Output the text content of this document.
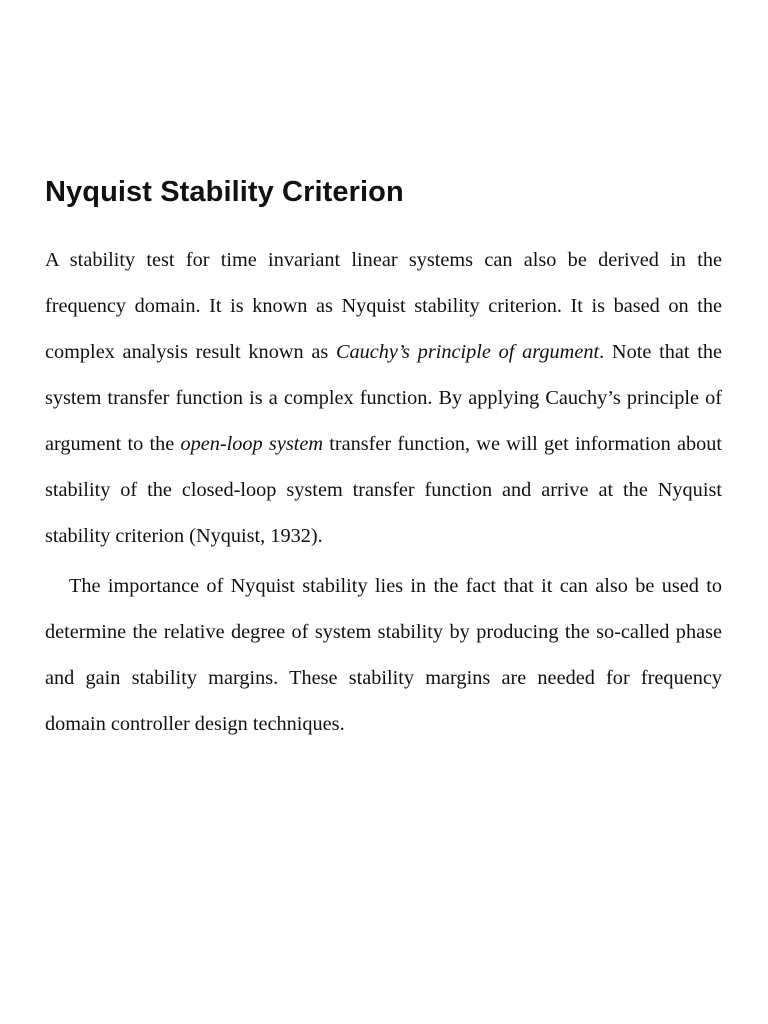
Nyquist Stability Criterion

A stability test for time invariant linear systems can also be derived in the frequency domain. It is known as Nyquist stability criterion. It is based on the complex analysis result known as Cauchy’s principle of argument. Note that the system transfer function is a complex function. By applying Cauchy’s principle of argument to the open-loop system transfer function, we will get information about stability of the closed-loop system transfer function and arrive at the Nyquist stability criterion (Nyquist, 1932).

The importance of Nyquist stability lies in the fact that it can also be used to determine the relative degree of system stability by producing the so-called phase and gain stability margins. These stability margins are needed for frequency domain controller design techniques.
